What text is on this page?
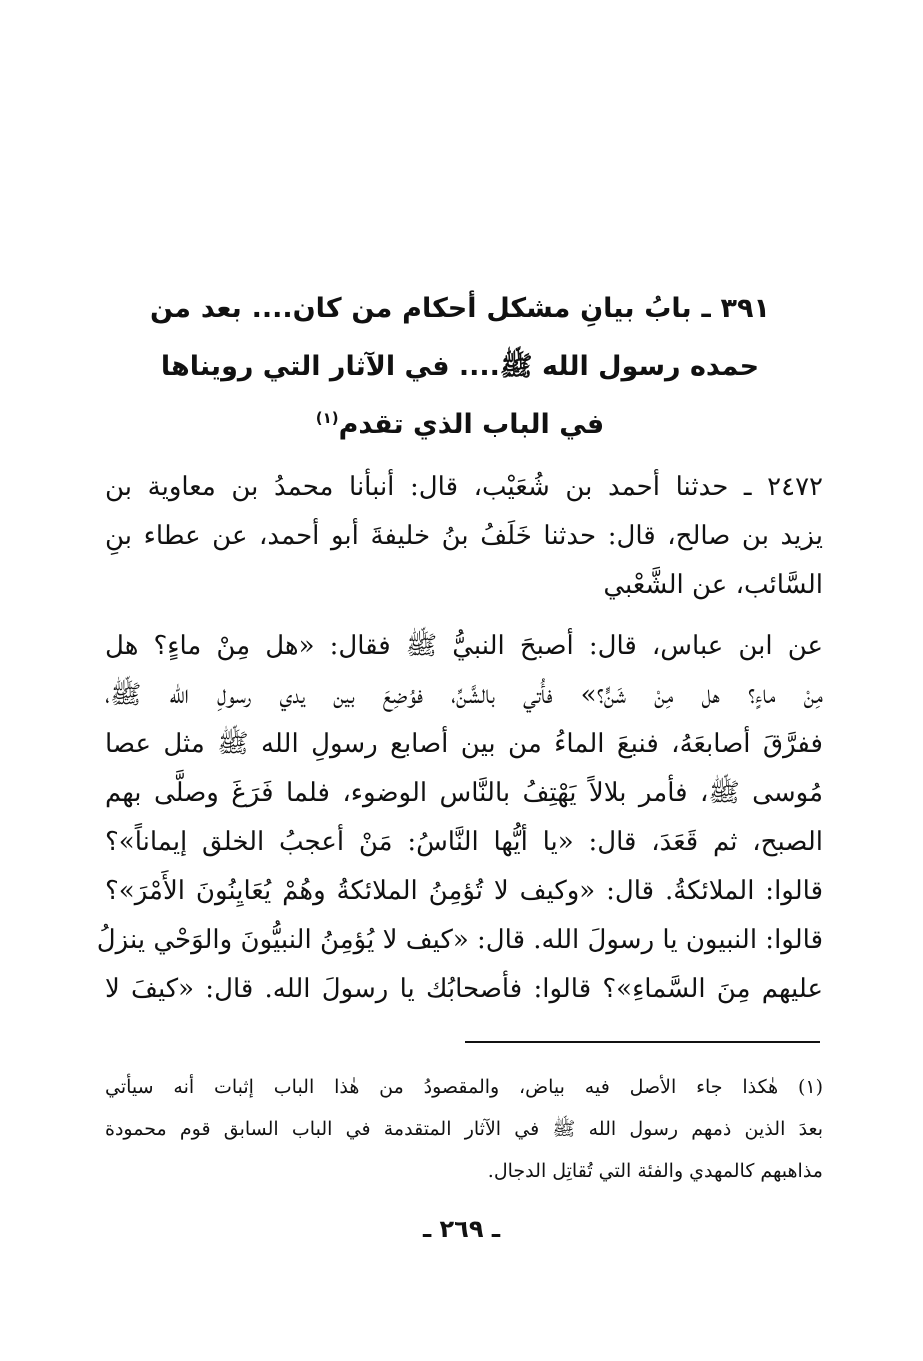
٣٩١ ـ بابُ بيانِ مشكل أحكام من كان.... بعد من
حمده رسول الله ﷺ.... في الآثار التي رويناها
في الباب الذي تقدم$^{(١)}$
٢٤٧٢ ـ حدثنا أحمد بن شُعَيْب، قال: أنبأنا محمدُ بن معاوية بن
يزيد بن صالح، قال: حدثنا خَلَفُ بنُ خليفةَ أبو أحمد، عن عطاء بنِ
السَّائب، عن الشَّعْبي
عن ابن عباس، قال: أصبحَ النبيُّ ﷺ فقال: «هل مِنْ ماءٍ؟ هل
مِنْ ماءٍ؟ هل مِنْ شَنٍّ؟» فأُتي بالشَّنِّ، فوُضِعَ بين يدي رسولِ الله ﷺ،
ففرَّقَ أصابعَهُ، فنبعَ الماءُ من بين أصابع رسولِ الله ﷺ مثل عصا
مُوسى ﷺ، فأمر بلالاً يَهْتِفُ بالنَّاس الوضوء، فلما فَرَغَ وصلَّى بهم
الصبح، ثم قَعَدَ، قال: «يا أيُّها النَّاسُ: مَنْ أعجبُ الخلق إيماناً»؟
قالوا: الملائكةُ. قال: «وكيف لا تُؤمِنُ الملائكةُ وهُمْ يُعَايِنُونَ الأَمْرَ»؟
قالوا: النبيون يا رسولَ الله. قال: «كيف لا يُؤمِنُ النبيُّونَ والوَحْي ينزلُ
عليهم مِنَ السَّماءِ»؟ قالوا: فأصحابُك يا رسولَ الله. قال: «كيفَ لا
(١) هٰكذا جاء الأصل فيه بياض، والمقصودُ من هٰذا الباب إثبات أنه سيأتي
بعدَ الذين ذمهم رسول الله ﷺ في الآثار المتقدمة في الباب السابق قوم محمودة
مذاهبهم كالمهدي والفئة التي تُقاتِل الدجال.
ـ ٢٦٩ ـ
